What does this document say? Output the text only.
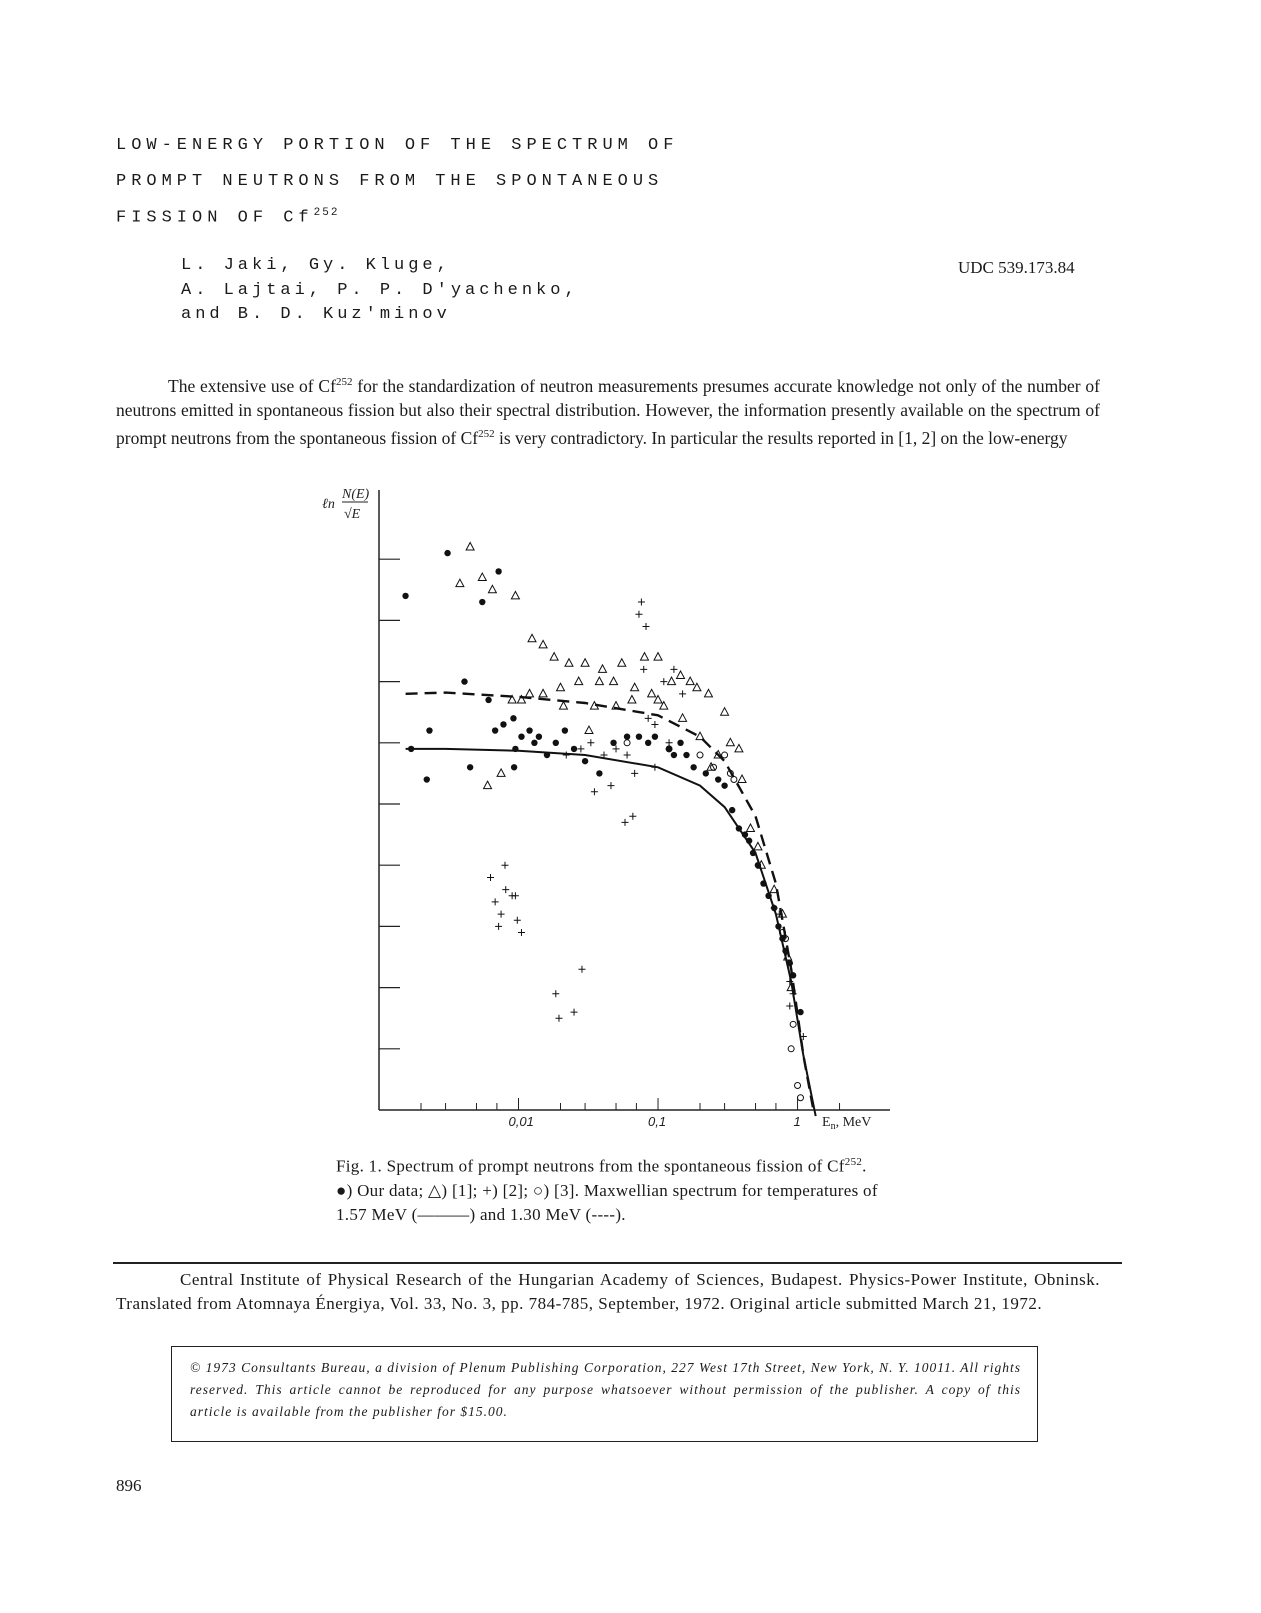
LOW-ENERGY PORTION OF THE SPECTRUM OF
PROMPT NEUTRONS FROM THE SPONTANEOUS
FISSION OF Cf$^{252}$
L. Jaki, Gy. Kluge,
A. Lajtai, P. P. D'yachenko,
and B. D. Kuz'minov
UDC 539.173.84

The extensive use of Cf$^{252}$ for the standardization of neutron measurements presumes accurate knowledge not only of the number of neutrons emitted in spontaneous fission but also their spectral distribution. However, the information presently available on the spectrum of prompt neutrons from the spontaneous fission of Cf$^{252}$ is very contradictory. In particular the results reported in [1, 2] on the low-energy

ℓn
N(E)
√E
0,01	0,1	1 $E_n$, MeV
Fig. 1. Spectrum of prompt neutrons from the spontaneous fission of Cf$^{252}$. ●) Our data; △) [1]; +) [2]; ○) [3]. Maxwellian spectrum for temperatures of 1.57 MeV (———) and 1.30 MeV (----).

Central Institute of Physical Research of the Hungarian Academy of Sciences, Budapest. Physics-Power Institute, Obninsk. Translated from Atomnaya Énergiya, Vol. 33, No. 3, pp. 784-785, September, 1972. Original article submitted March 21, 1972.

© 1973 Consultants Bureau, a division of Plenum Publishing Corporation, 227 West 17th Street, New York, N. Y. 10011. All rights reserved. This article cannot be reproduced for any purpose whatsoever without permission of the publisher. A copy of this article is available from the publisher for $15.00.
896
